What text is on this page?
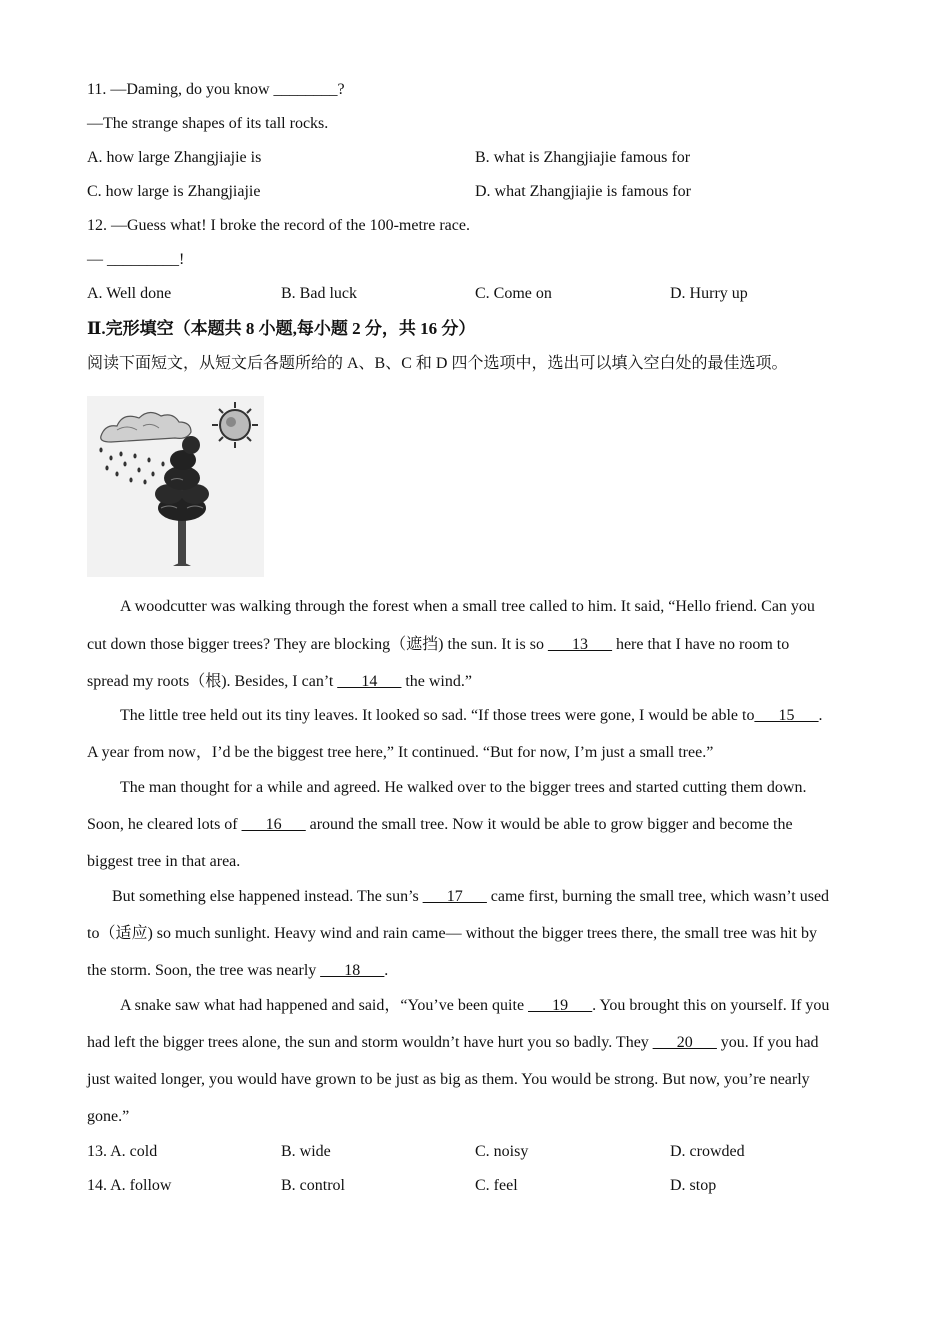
11. —Daming, do you know ________?
—The strange shapes of its tall rocks.
A. how large Zhangjiajie is	B. what is Zhangjiajie famous for
C. how large is Zhangjiajie	D. what Zhangjiajie is famous for
12. —Guess what! I broke the record of the 100-metre race.
— _________!
A. Well done	B. Bad luck	C. Come on	D. Hurry up
Ⅱ.完形填空（本题共 8 小题,每小题 2 分，共 16 分）
阅读下面短文，从短文后各题所给的 A、B、C 和 D 四个选项中，选出可以填入空白处的最佳选项。
A woodcutter was walking through the forest when a small tree called to him. It said, “Hello friend. Can you
cut down those bigger trees? They are blocking（遮挡) the sun. It is so ___13___ here that I have no room to
spread my roots（根). Besides, I can’t ___14___ the wind.”
The little tree held out its tiny leaves. It looked so sad. “If those trees were gone, I would be able to___15___.
A year from now，I’d be the biggest tree here,” It continued. “But for now, I’m just a small tree.”
The man thought for a while and agreed. He walked over to the bigger trees and started cutting them down.
Soon, he cleared lots of ___16___ around the small tree. Now it would be able to grow bigger and become the
biggest tree in that area.
But something else happened instead. The sun’s ___17___ came first, burning the small tree, which wasn’t used
to（适应) so much sunlight. Heavy wind and rain came— without the bigger trees there, the small tree was hit by
the storm. Soon, the tree was nearly ___18___.
A snake saw what had happened and said，“You’ve been quite ___19___. You brought this on yourself. If you
had left the bigger trees alone, the sun and storm wouldn’t have hurt you so badly. They ___20___ you. If you had
just waited longer, you would have grown to be just as big as them. You would be strong. But now, you’re nearly
gone.”
13. A. cold	B. wide	C. noisy	D. crowded
14. A. follow	B. control	C. feel	D. stop
